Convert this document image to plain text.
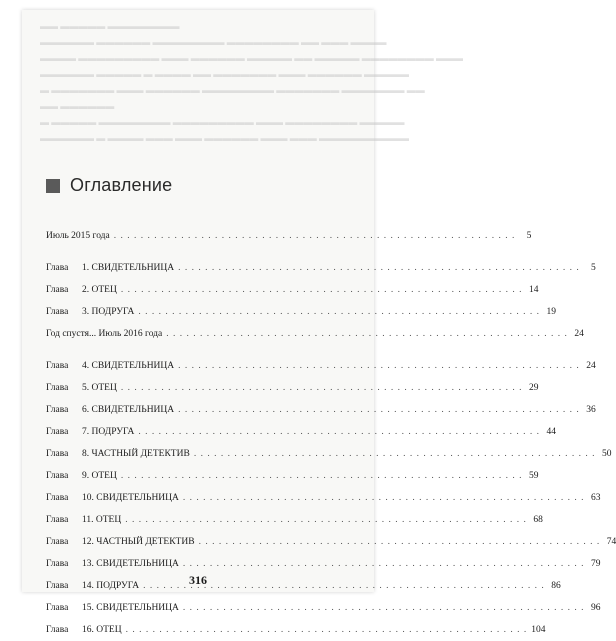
▬▬ ▬▬▬▬▬ ▬▬▬▬▬▬▬▬
▬▬▬▬▬▬ ▬▬▬▬▬▬ ▬▬▬▬▬▬▬▬ ▬▬▬▬▬▬▬▬ ▬▬ ▬▬▬ ▬▬▬▬
▬▬▬▬ ▬▬▬▬▬▬▬▬▬ ▬▬▬ ▬▬▬▬▬▬ ▬▬▬▬▬ ▬▬ ▬▬▬▬▬ ▬▬▬▬▬▬▬▬ ▬▬▬
▬▬▬▬▬▬ ▬▬▬▬▬ ▬ ▬▬▬▬ ▬▬ ▬▬▬▬▬▬▬ ▬▬▬ ▬▬▬▬▬▬ ▬▬▬▬▬
▬ ▬▬▬▬▬▬▬ ▬▬▬ ▬▬▬▬▬▬ ▬▬▬▬▬▬▬▬ ▬▬▬▬▬▬▬ ▬▬▬▬▬▬▬ ▬▬
▬▬ ▬▬▬▬▬▬
▬ ▬▬▬▬▬ ▬▬▬▬▬▬▬▬ ▬▬▬▬▬▬▬▬▬ ▬▬▬ ▬▬▬▬▬▬▬▬ ▬▬▬▬▬
▬▬▬▬▬▬ ▬ ▬▬▬▬ ▬▬▬ ▬▬▬ ▬▬▬▬▬▬ ▬▬▬ ▬▬▬ ▬▬▬▬▬▬▬▬▬▬
Оглавление
Июль 2015 года . . .	5
Глава	1. СВИДЕТЕЛЬНИЦА . . .	5
Глава	2. ОТЕЦ . . .	14
Глава	3. ПОДРУГА . . .	19
Год спустя... Июль 2016 года . . .	24
Глава	4. СВИДЕТЕЛЬНИЦА . . .	24
Глава	5. ОТЕЦ . . .	29
Глава	6. СВИДЕТЕЛЬНИЦА . . .	36
Глава	7. ПОДРУГА . . .	44
Глава	8. ЧАСТНЫЙ ДЕТЕКТИВ . . .	50
Глава	9. ОТЕЦ . . .	59
Глава	10. СВИДЕТЕЛЬНИЦА . . .	63
Глава	11. ОТЕЦ . . .	68
Глава	12. ЧАСТНЫЙ ДЕТЕКТИВ . . .	74
Глава	13. СВИДЕТЕЛЬНИЦА . . .	79
Глава	14. ПОДРУГА . . .	86
Глава	15. СВИДЕТЕЛЬНИЦА . . .	96
Глава	16. ОТЕЦ . . .	104
316
